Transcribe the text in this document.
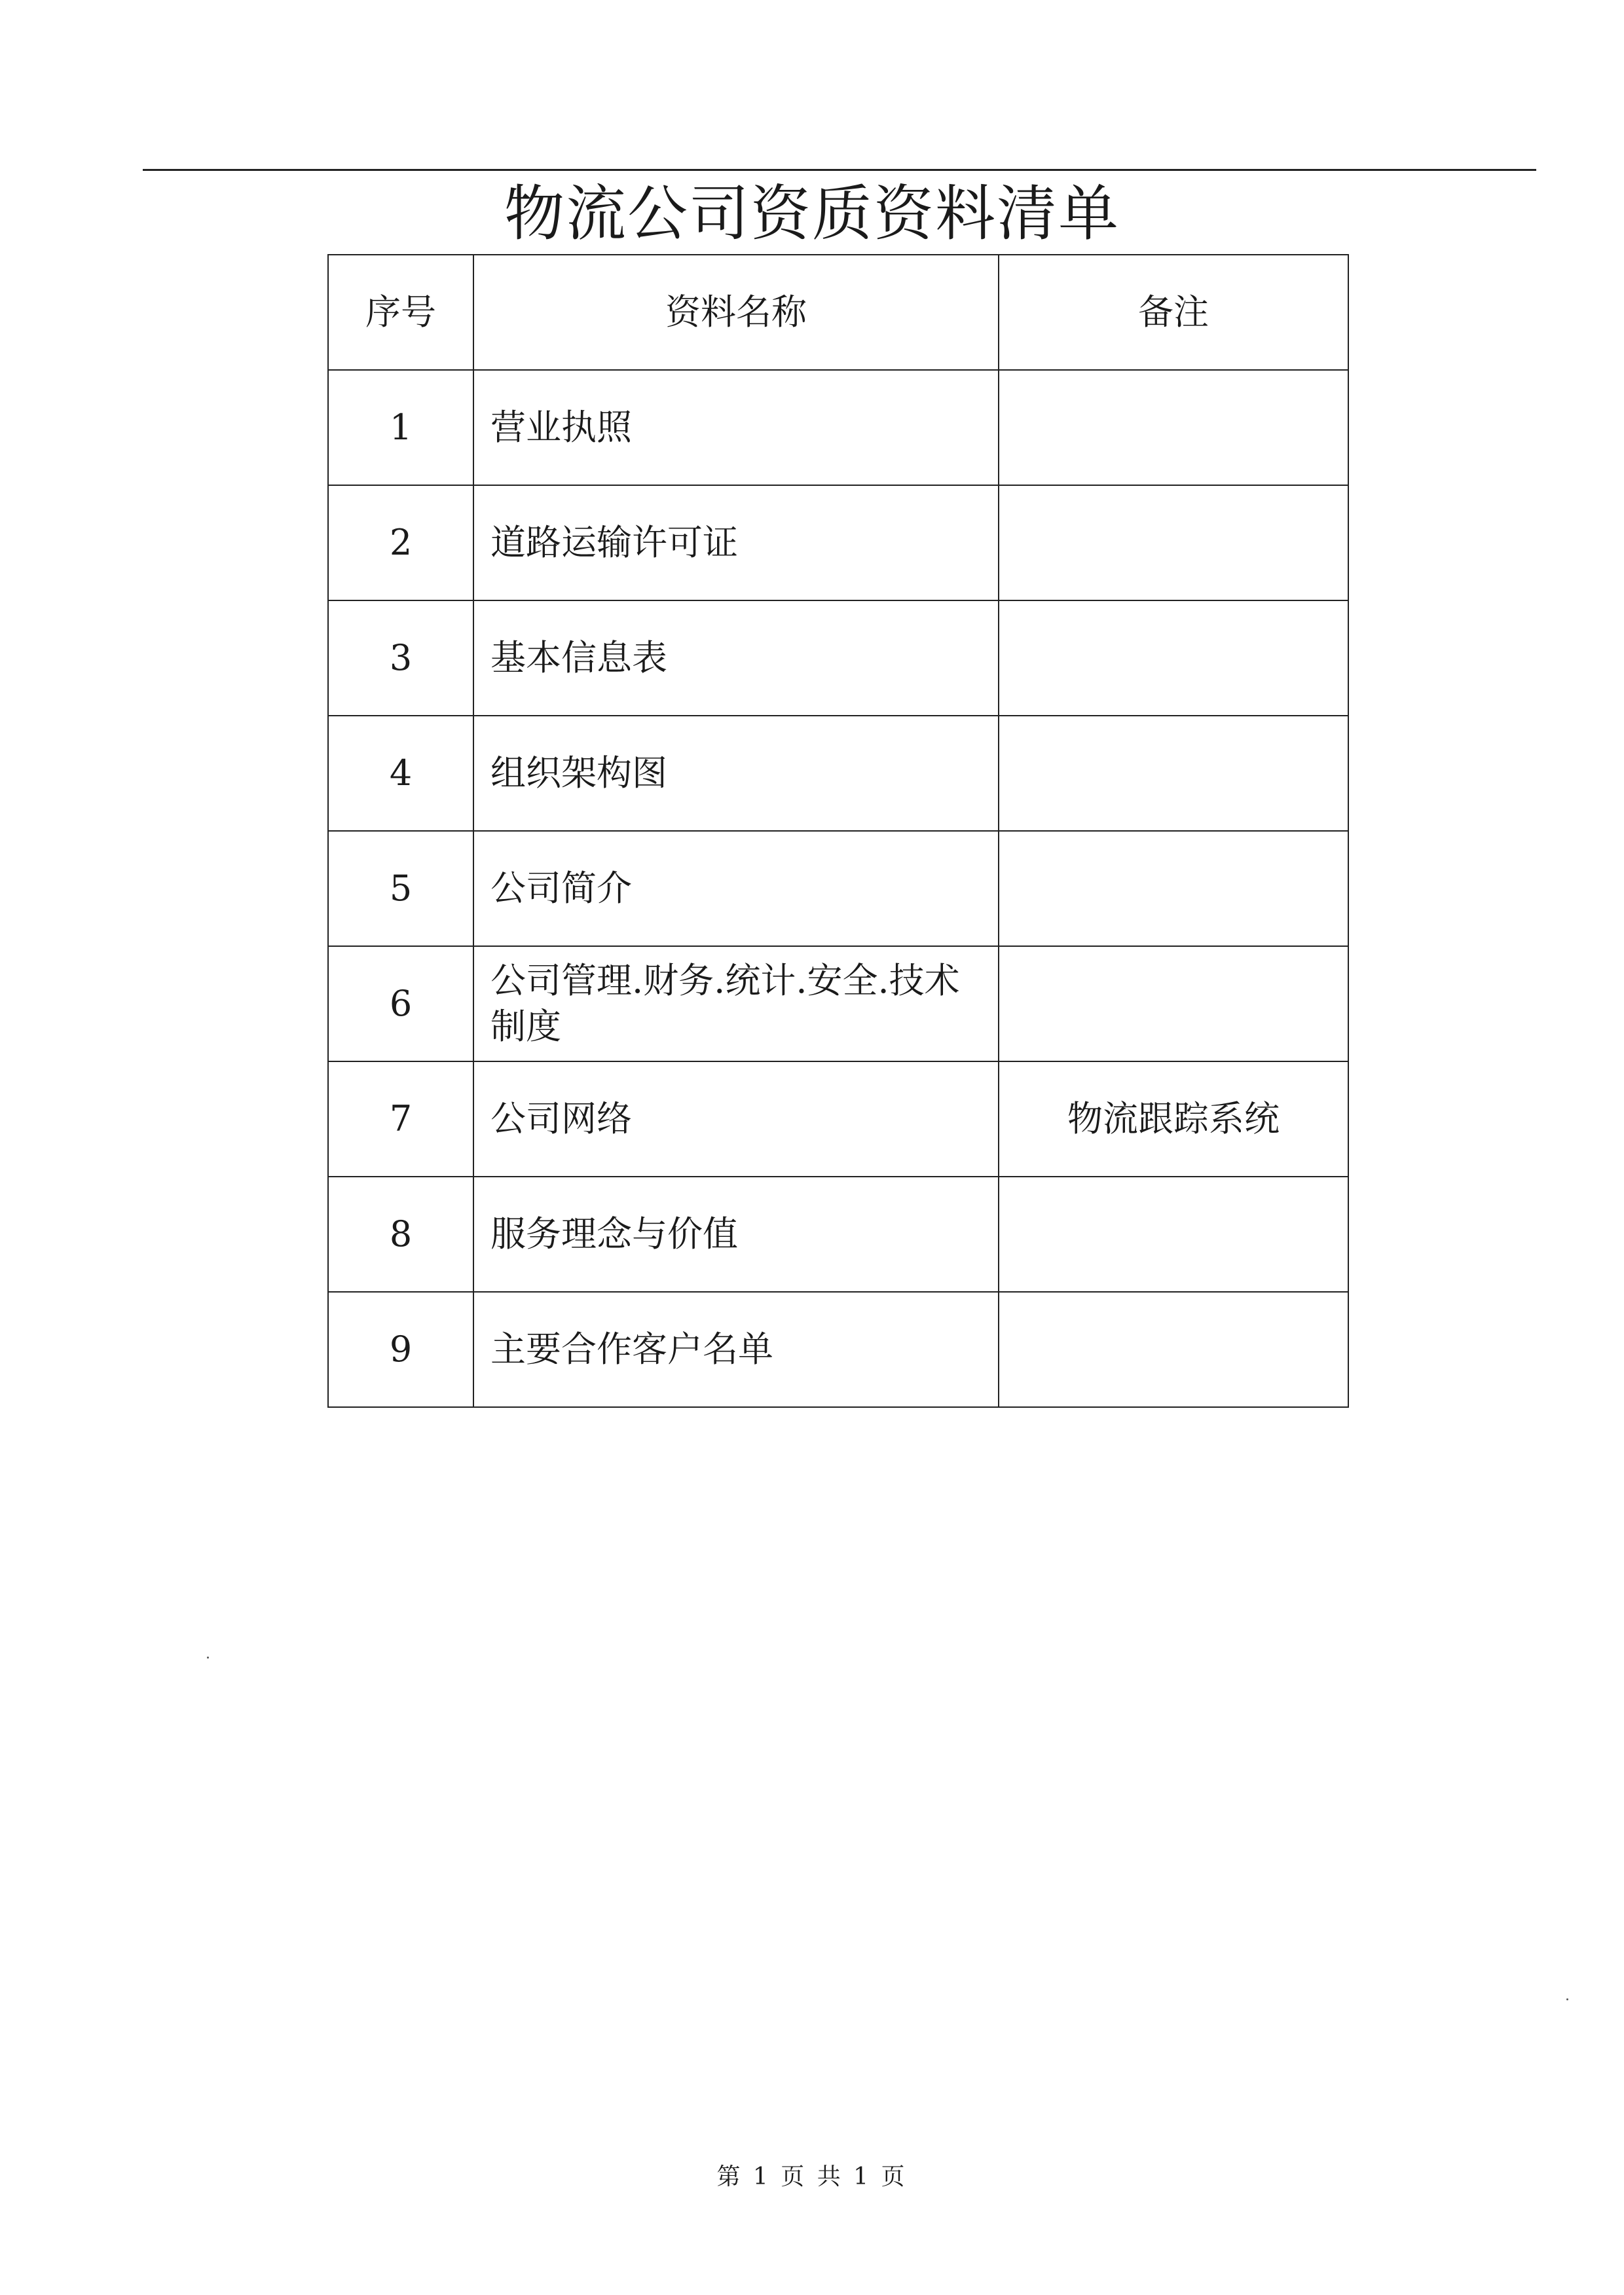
物流公司资质资料清单
序号	资料名称	备注
1	营业执照	
2	道路运输许可证	
3	基本信息表	
4	组织架构图	
5	公司简介	
6	公司管理.财务.统计.安全.技术制度	
7	公司网络	物流跟踪系统
8	服务理念与价值	
9	主要合作客户名单	
第 1 页 共 1 页
